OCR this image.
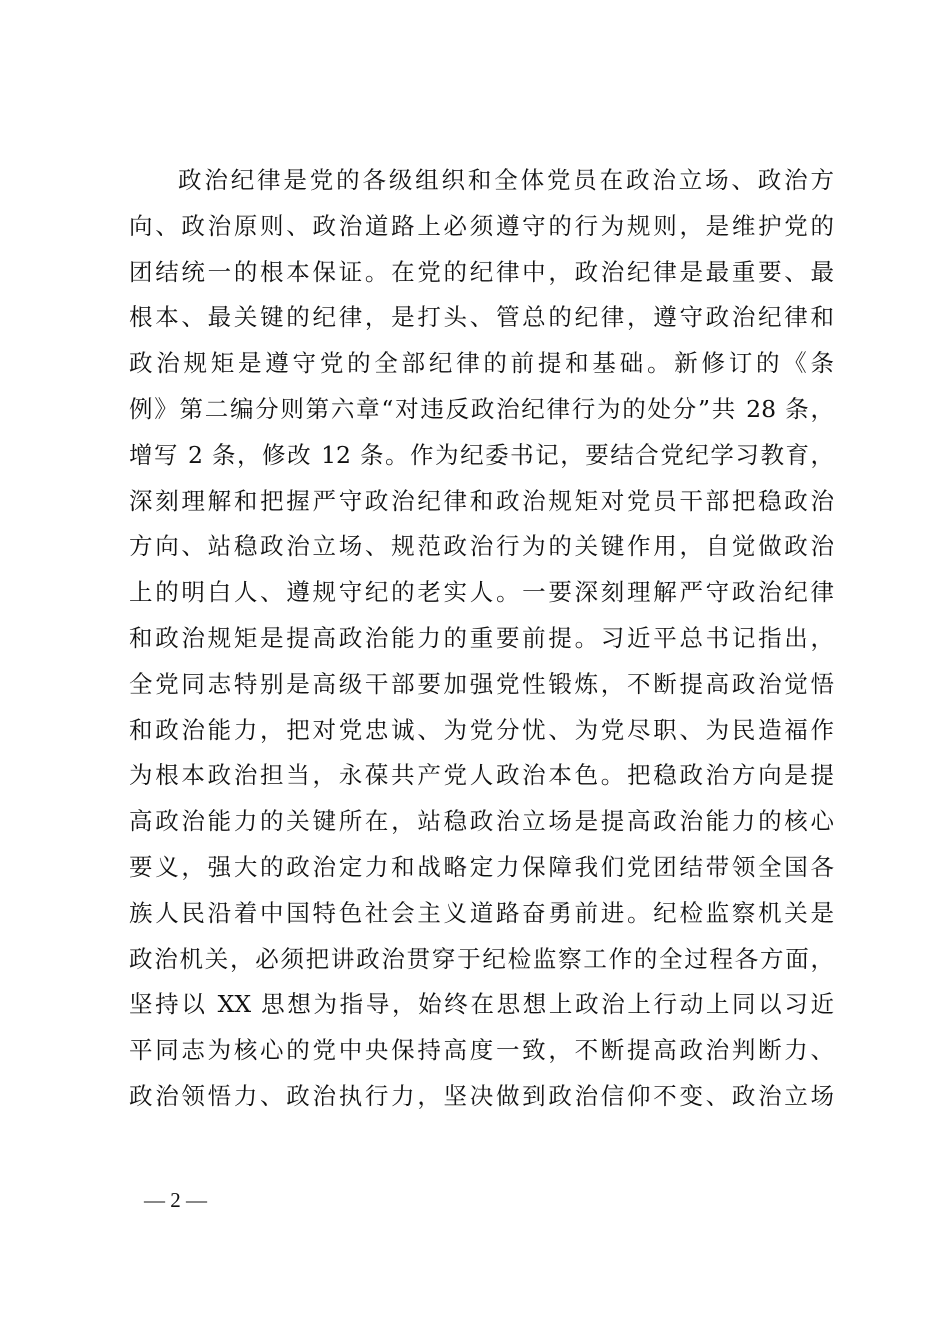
政治纪律是党的各级组织和全体党员在政治立场、政治方
向、政治原则、政治道路上必须遵守的行为规则，是维护党的
团结统一的根本保证。在党的纪律中，政治纪律是最重要、最
根本、最关键的纪律，是打头、管总的纪律，遵守政治纪律和
政治规矩是遵守党的全部纪律的前提和基础。新修订的《条
例》第二编分则第六章“对违反政治纪律行为的处分”共 28 条，
增写 2 条，修改 12 条。作为纪委书记，要结合党纪学习教育，
深刻理解和把握严守政治纪律和政治规矩对党员干部把稳政治
方向、站稳政治立场、规范政治行为的关键作用，自觉做政治
上的明白人、遵规守纪的老实人。一要深刻理解严守政治纪律
和政治规矩是提高政治能力的重要前提。习近平总书记指出，
全党同志特别是高级干部要加强党性锻炼，不断提高政治觉悟
和政治能力，把对党忠诚、为党分忧、为党尽职、为民造福作
为根本政治担当，永葆共产党人政治本色。把稳政治方向是提
高政治能力的关键所在，站稳政治立场是提高政治能力的核心
要义，强大的政治定力和战略定力保障我们党团结带领全国各
族人民沿着中国特色社会主义道路奋勇前进。纪检监察机关是
政治机关，必须把讲政治贯穿于纪检监察工作的全过程各方面，
坚持以 XX 思想为指导，始终在思想上政治上行动上同以习近
平同志为核心的党中央保持高度一致，不断提高政治判断力、
政治领悟力、政治执行力，坚决做到政治信仰不变、政治立场
— 2 —
